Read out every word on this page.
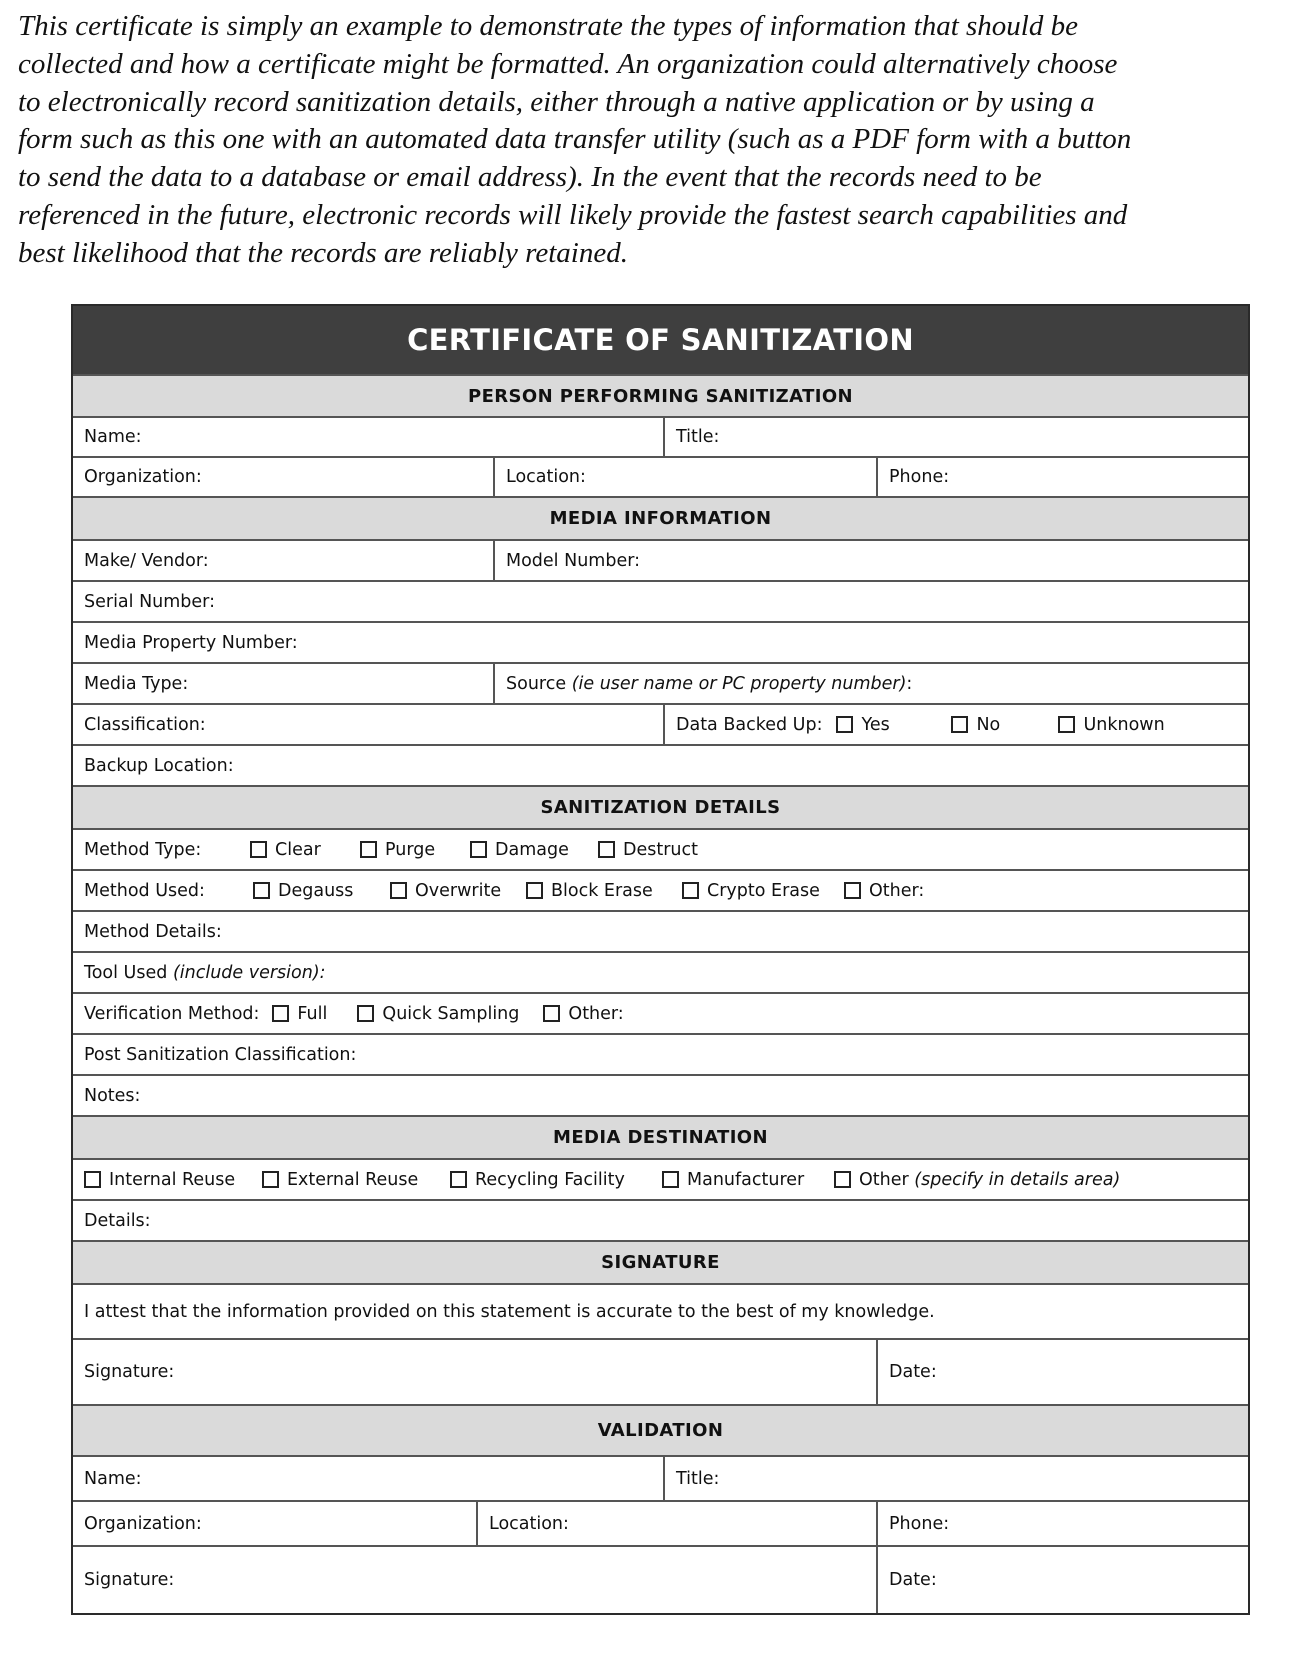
This certificate is simply an example to demonstrate the types of information that should be
collected and how a certificate might be formatted. An organization could alternatively choose
to electronically record sanitization details, either through a native application or by using a
form such as this one with an automated data transfer utility (such as a PDF form with a button
to send the data to a database or email address). In the event that the records need to be
referenced in the future, electronic records will likely provide the fastest search capabilities and
best likelihood that the records are reliably retained.
CERTIFICATE OF SANITIZATION
PERSON PERFORMING SANITIZATION
Name:	Title:
Organization:	Location:	Phone:
MEDIA INFORMATION
Make/ Vendor:	Model Number:
Serial Number:
Media Property Number:
Media Type:	Source
(ie user name or PC property number) :
Classification:	Data Backed Up: Yes	No	Unknown
Backup Location:
SANITIZATION DETAILS
Method Type:	Clear	Purge	Damage	Destruct
Method Used:	Degauss	Overwrite	Block Erase	Crypto Erase	Other:
Method Details:
Tool Used
(include version):
Verification Method: Full	Quick Sampling	Other:
Post Sanitization Classification:
Notes:
MEDIA DESTINATION
Internal Reuse	External Reuse	Recycling Facility	Manufacturer	Other
(specify in details area)
Details:
SIGNATURE
I attest that the information provided on this statement is accurate to the best of my knowledge.
Signature:	Date:
VALIDATION
Name:	Title:
Organization:	Location:	Phone:
Signature:	Date:
